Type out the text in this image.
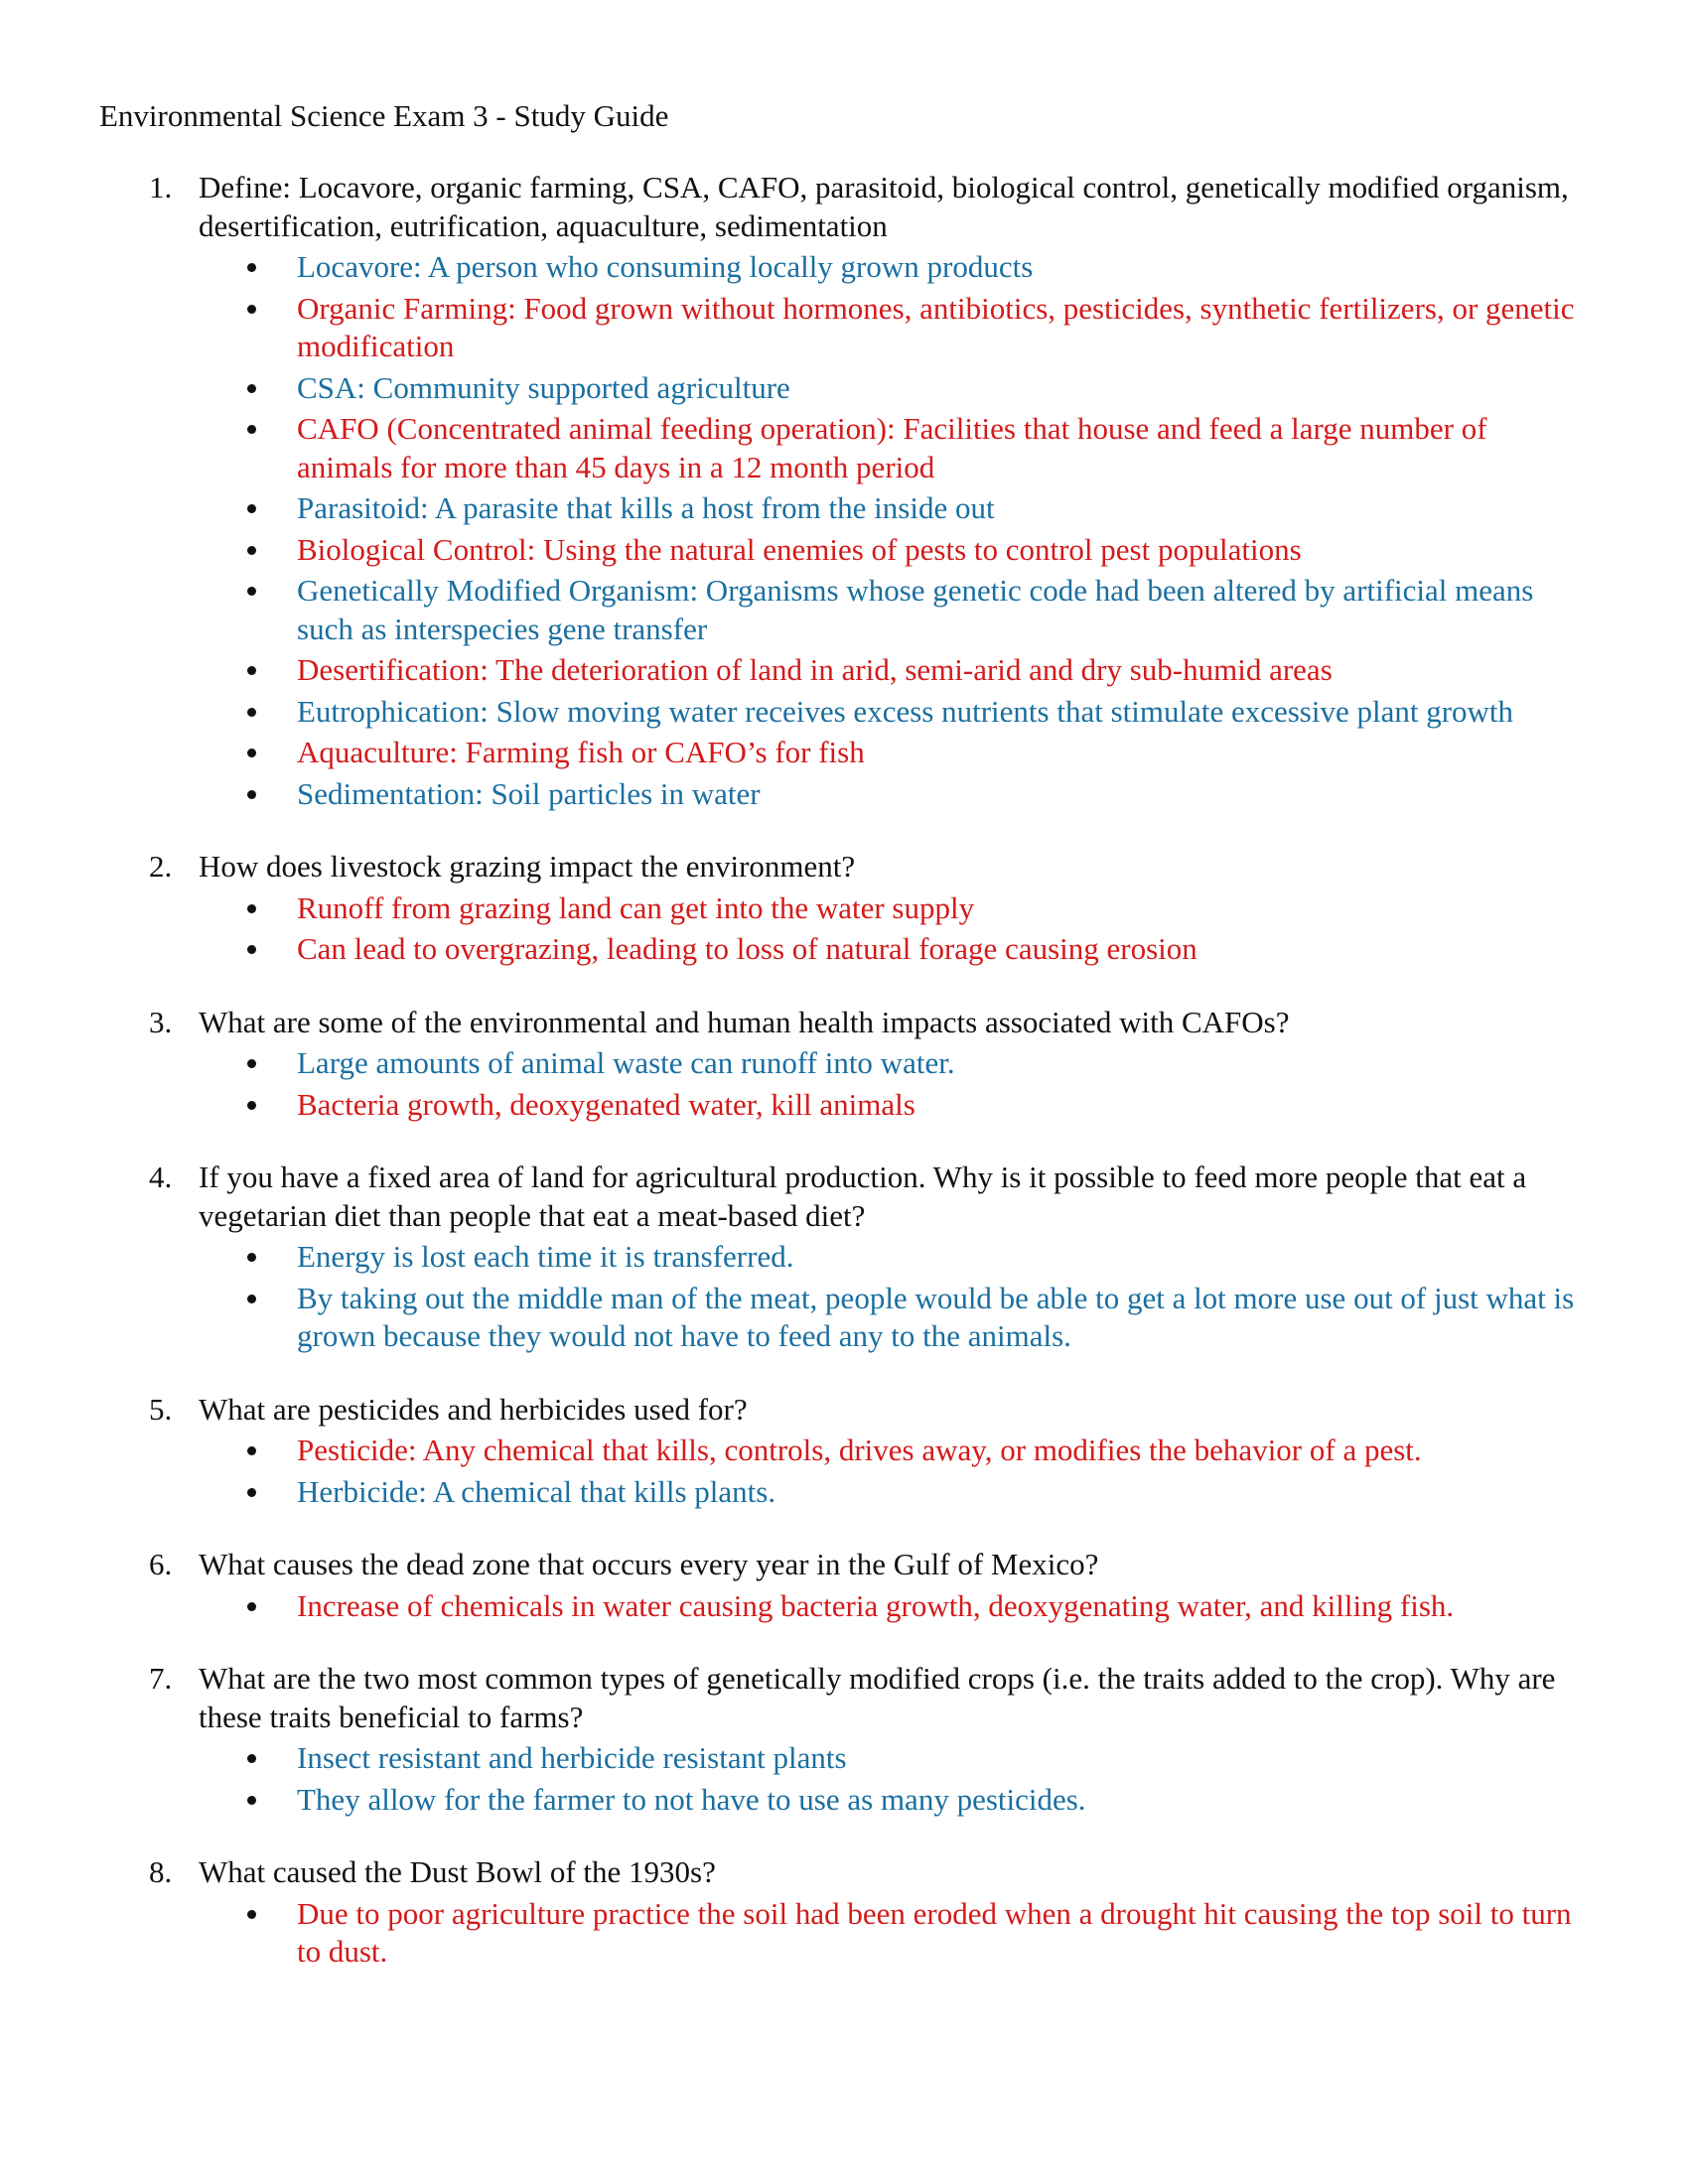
Environmental Science Exam 3 - Study Guide
1. Define: Locavore, organic farming, CSA, CAFO, parasitoid, biological control, genetically modified organism, desertification, eutrification, aquaculture, sedimentation
Locavore: A person who consuming locally grown products
Organic Farming: Food grown without hormones, antibiotics, pesticides, synthetic fertilizers, or genetic modification
CSA: Community supported agriculture
CAFO (Concentrated animal feeding operation): Facilities that house and feed a large number of animals for more than 45 days in a 12 month period
Parasitoid: A parasite that kills a host from the inside out
Biological Control: Using the natural enemies of pests to control pest populations
Genetically Modified Organism: Organisms whose genetic code had been altered by artificial means such as interspecies gene transfer
Desertification: The deterioration of land in arid, semi-arid and dry sub-humid areas
Eutrophication: Slow moving water receives excess nutrients that stimulate excessive plant growth
Aquaculture: Farming fish or CAFO’s for fish
Sedimentation: Soil particles in water
2. How does livestock grazing impact the environment?
Runoff from grazing land can get into the water supply
Can lead to overgrazing, leading to loss of natural forage causing erosion
3. What are some of the environmental and human health impacts associated with CAFOs?
Large amounts of animal waste can runoff into water.
Bacteria growth, deoxygenated water, kill animals
4. If you have a fixed area of land for agricultural production. Why is it possible to feed more people that eat a vegetarian diet than people that eat a meat-based diet?
Energy is lost each time it is transferred.
By taking out the middle man of the meat, people would be able to get a lot more use out of just what is grown because they would not have to feed any to the animals.
5. What are pesticides and herbicides used for?
Pesticide: Any chemical that kills, controls, drives away, or modifies the behavior of a pest.
Herbicide: A chemical that kills plants.
6. What causes the dead zone that occurs every year in the Gulf of Mexico?
Increase of chemicals in water causing bacteria growth, deoxygenating water, and killing fish.
7. What are the two most common types of genetically modified crops (i.e. the traits added to the crop). Why are these traits beneficial to farms?
Insect resistant and herbicide resistant plants
They allow for the farmer to not have to use as many pesticides.
8. What caused the Dust Bowl of the 1930s?
Due to poor agriculture practice the soil had been eroded when a drought hit causing the top soil to turn to dust.
